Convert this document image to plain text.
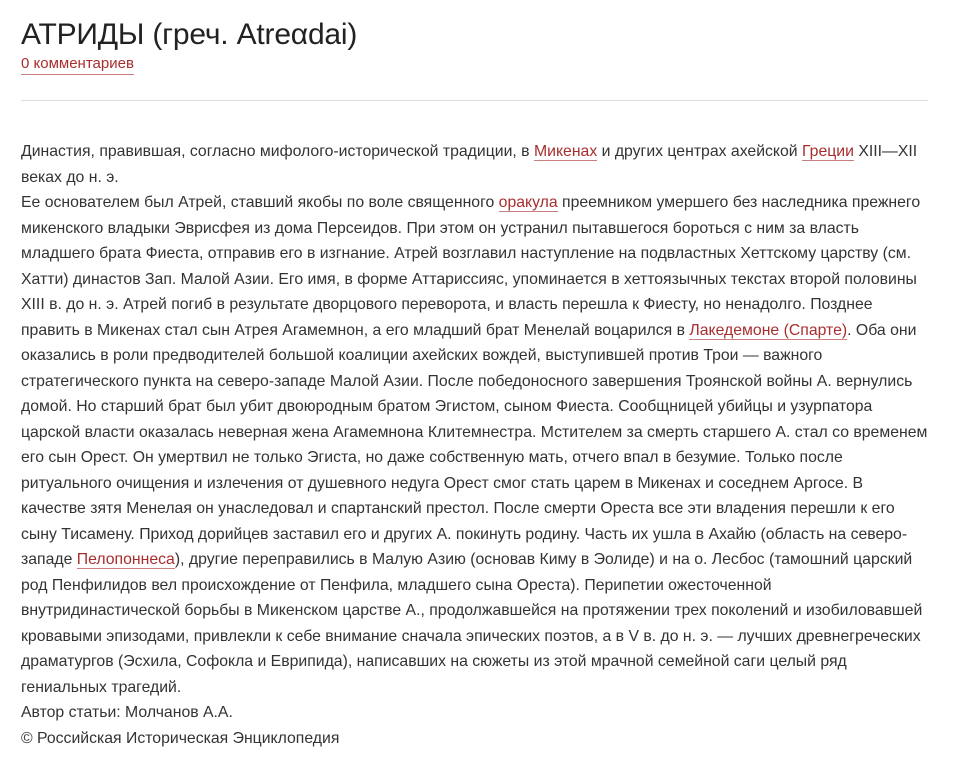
АТРИДЫ (греч. Atreαdai)
0 комментариев

Династия, правившая, согласно мифолого-исторической традиции, в Микенах и других центрах ахейской Греции XIII—XII веках до н. э.

Ее основателем был Атрей, ставший якобы по воле священного оракула преемником умершего без наследника прежнего микенского владыки Эврисфея из дома Персеидов. При этом он устранил пытавшегося бороться с ним за власть младшего брата Фиеста, отправив его в изгнание. Атрей возглавил наступление на подвластных Хеттскому царству (см. Хатти) династов Зап. Малой Азии. Его имя, в форме Аттариссияс, упоминается в хеттоязычных текстах второй половины XIII в. до н. э. Атрей погиб в результате дворцового переворота, и власть перешла к Фиесту, но ненадолго. Позднее править в Микенах стал сын Атрея Агамемнон, а его младший брат Менелай воцарился в Лакедемоне (Спарте). Оба они оказались в роли предводителей большой коалиции ахейских вождей, выступившей против Трои — важного стратегического пункта на северо-западе Малой Азии. После победоносного завершения Троянской войны А. вернулись домой. Но старший брат был убит двоюродным братом Эгистом, сыном Фиеста. Сообщницей убийцы и узурпатора царской власти оказалась неверная жена Агамемнона Клитемнестра. Мстителем за смерть старшего А. стал со временем его сын Орест. Он умертвил не только Эгиста, но даже собственную мать, отчего впал в безумие. Только после ритуального очищения и излечения от душевного недуга Орест смог стать царем в Микенах и соседнем Аргосе. В качестве зятя Менелая он унаследовал и спартанский престол. После смерти Ореста все эти владения перешли к его сыну Тисамену. Приход дорийцев заставил его и других А. покинуть родину. Часть их ушла в Ахайю (область на северо-западе Пелопоннеса), другие переправились в Малую Азию (основав Киму в Эолиде) и на о. Лесбос (тамошний царский род Пенфилидов вел происхождение от Пенфила, младшего сына Ореста). Перипетии ожесточенной внутридинастической борьбы в Микенском царстве А., продолжавшейся на протяжении трех поколений и изобиловавшей кровавыми эпизодами, привлекли к себе внимание сначала эпических поэтов, а в V в. до н. э. — лучших древнегреческих драматургов (Эсхила, Софокла и Еврипида), написавших на сюжеты из этой мрачной семейной саги целый ряд гениальных трагедий.

Автор статьи: Молчанов А.А.

© Российская Историческая Энциклопедия
